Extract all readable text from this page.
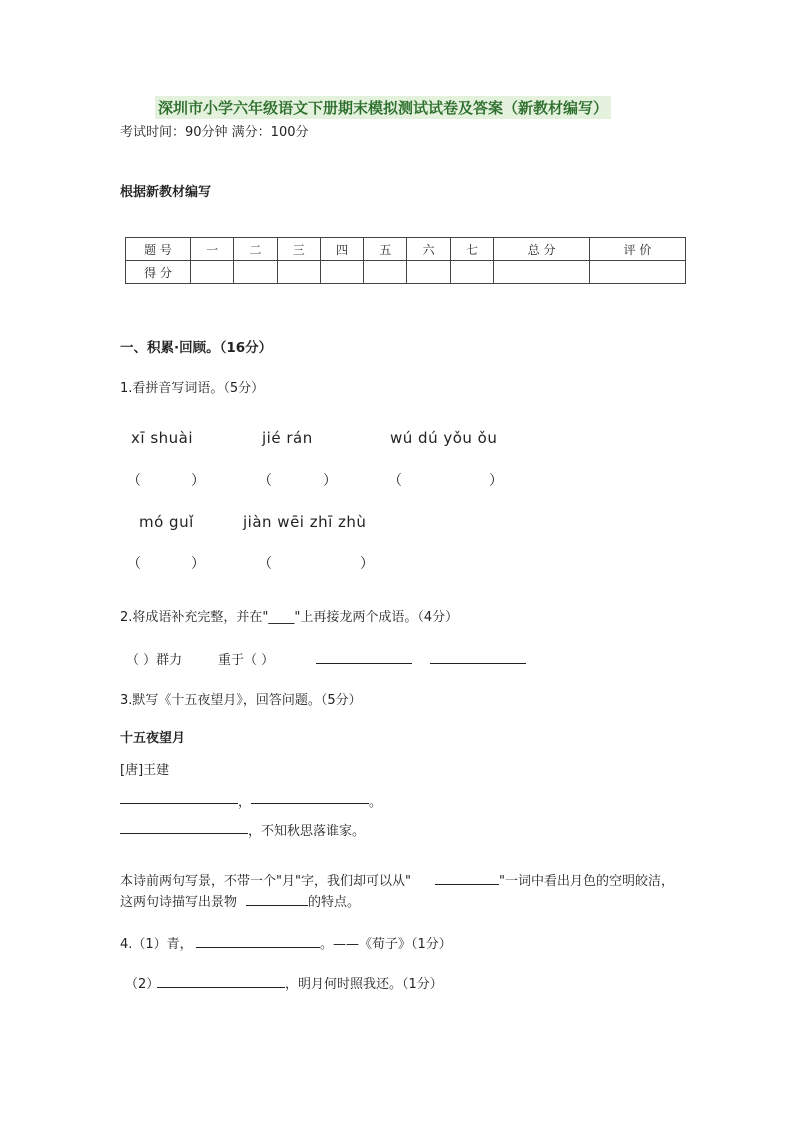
深圳市小学六年级语文下册期末模拟测试试卷及答案（新教材编写）
考试时间：90分钟 满分：100分
根据新教材编写
题 号	一	二	三	四	五	六	七	总 分	评 价
得 分									
一、积累·回顾。（16分）
1.看拼音写词语。（5分）
xī shuài	jié rán	wú dú yǒu ǒu
（	）	（	）	（	）
mó guǐ	jiàn wēi zhī zhù
（	）	（	）
2.将成语补充完整，并在"____"上再接龙两个成语。（4分）
（ ）群力	重于（ ）
3.默写《十五夜望月》，回答问题。（5分）
十五夜望月
[唐]王建
，	。
，不知秋思落谁家。
本诗前两句写景，不带一个"月"字，我们却可以从"	"一词中看出月色的空明皎洁，
这两句诗描写出景物	的特点。
4.（1）青，	。——《荀子》（1分）
（2）	，明月何时照我还。（1分）
